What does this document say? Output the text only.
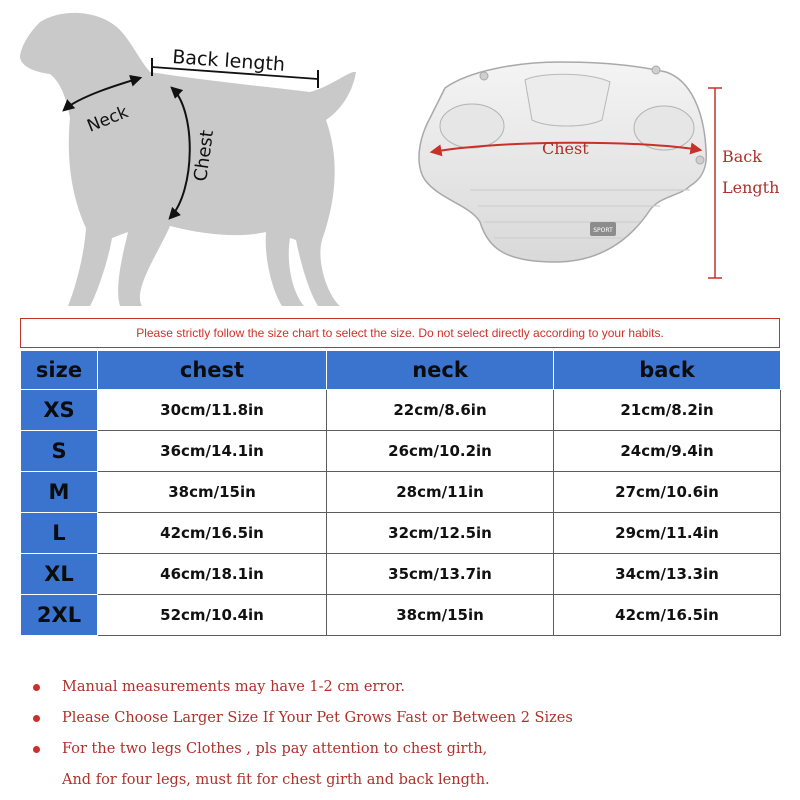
Back length
Neck
Chest
SPORT
Chest	Back
Length
Please strictly follow the size chart to select the size. Do not select directly according to your habits.
size	chest	neck	back
XS	30cm/11.8in	22cm/8.6in	21cm/8.2in
S	36cm/14.1in	26cm/10.2in	24cm/9.4in
M	38cm/15in	28cm/11in	27cm/10.6in
L	42cm/16.5in	32cm/12.5in	29cm/11.4in
XL	46cm/18.1in	35cm/13.7in	34cm/13.3in
2XL	52cm/10.4in	38cm/15in	42cm/16.5in
Manual measurements may have 1-2 cm error.
Please Choose Larger Size If Your Pet Grows Fast or Between 2 Sizes
For the two legs Clothes , pls pay attention to chest girth,
And for four legs, must fit for chest girth and back length.
